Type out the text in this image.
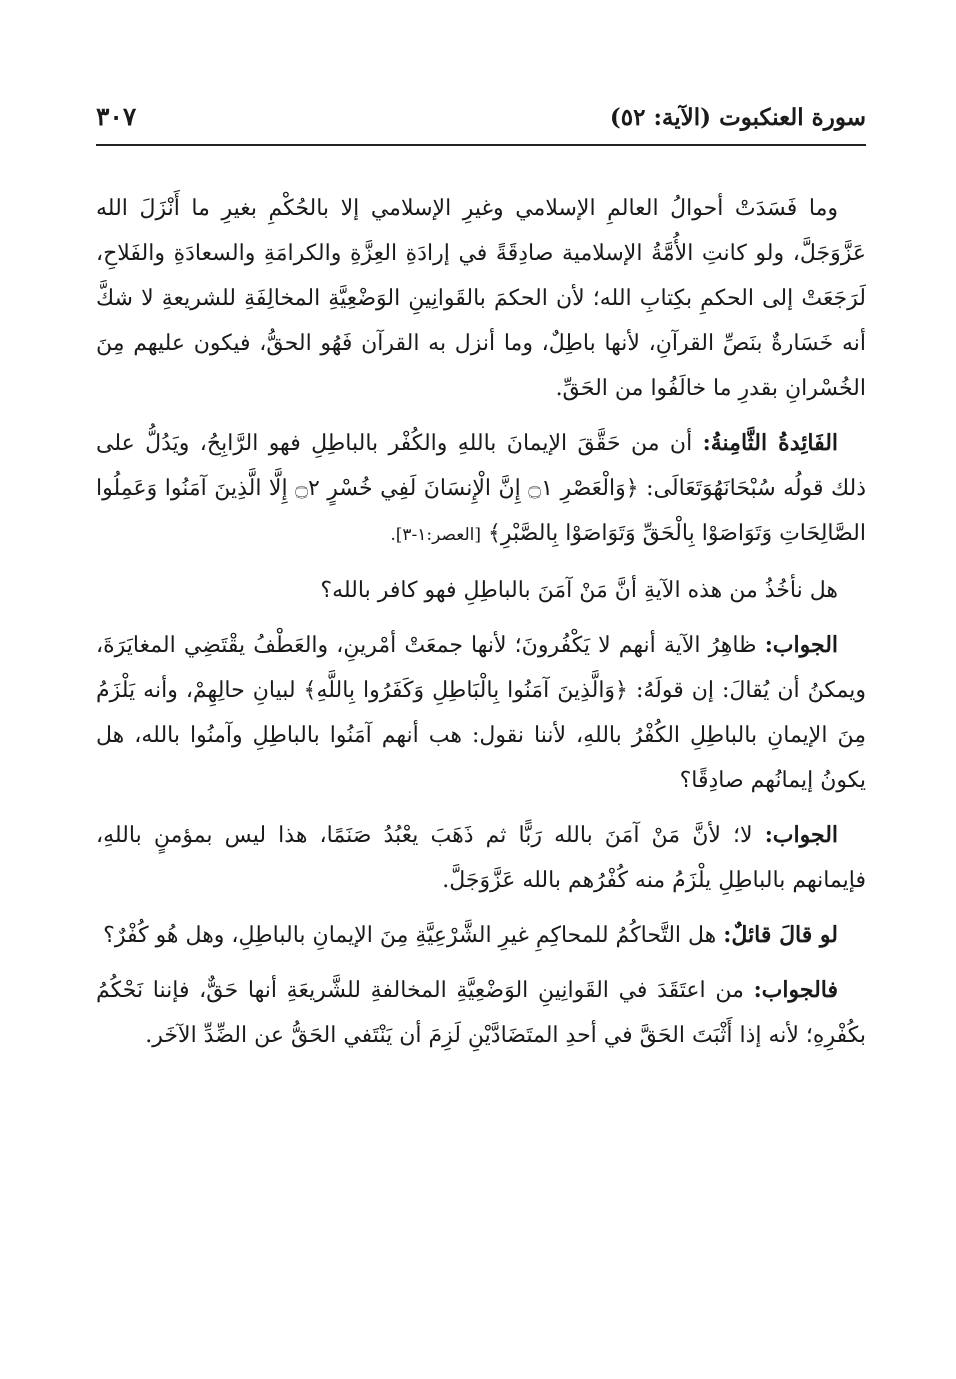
سورة العنكبوت (الآية: ٥٢)
٣٠٧

وما فَسَدَتْ أحوالُ العالمِ الإسلامي وغيرِ الإسلامي إلا بالحُكْمِ بغيرِ ما أَنْزَلَ الله عَزَّوَجَلَّ، ولو كانتِ الأُمَّةُ الإسلامية صادِقَةً في إرادَةِ العِزَّةِ والكرامَةِ والسعادَةِ والفَلاحِ، لَرَجَعَتْ إلى الحكمِ بكِتابِ الله؛ لأن الحكمَ بالقَوانِينِ الوَضْعِيَّةِ المخالِفَةِ للشريعةِ لا شكَّ أنه خَسَارةٌ بنَصِّ القرآنِ، لأنها باطِلٌ، وما أنزل به القرآن فَهُو الحقُّ، فيكون عليهم مِنَ الخُسْرانِ بقدرِ ما خالَفُوا من الحَقِّ.

الفَائِدةُ الثَّامِنةُ: أن من حَقَّقَ الإيمانَ باللهِ والكُفْر بالباطِلِ فهو الرَّابِحُ، ويَدُلُّ على ذلك قولُه سُبْحَانَهُوَتَعَالَى: ﴿وَالْعَصْرِ ۝١ إِنَّ الْإِنسَانَ لَفِي خُسْرٍ ۝٢ إِلَّا الَّذِينَ آمَنُوا وَعَمِلُوا الصَّالِحَاتِ وَتَوَاصَوْا بِالْحَقِّ وَتَوَاصَوْا بِالصَّبْرِ﴾ [العصر:١-٣].

هل نأخُذُ من هذه الآيةِ أنَّ مَنْ آمَنَ بالباطِلِ فهو كافر بالله؟

الجواب: ظاهِرُ الآية أنهم لا يَكْفُرونَ؛ لأنها جمعَتْ أمْرينِ، والعَطْفُ يقْتَضِي المغايَرَةَ، ويمكنُ أن يُقالَ: إن قولَهُ: ﴿وَالَّذِينَ آمَنُوا بِالْبَاطِلِ وَكَفَرُوا بِاللَّهِ﴾ لبيانِ حالِهِمْ، وأنه يَلْزَمُ مِنَ الإيمانِ بالباطِلِ الكُفْرُ باللهِ، لأننا نقول: هب أنهم آمَنُوا بالباطِلِ وآمنُوا بالله، هل يكونُ إيمانُهم صادِقًا؟

الجواب: لا؛ لأنَّ مَنْ آمَنَ بالله رَبًّا ثم ذَهَبَ يعْبُدُ صَنَمًا، هذا ليس بمؤمنٍ باللهِ، فإيمانهم بالباطِلِ يلْزَمُ منه كُفْرُهم بالله عَزَّوَجَلَّ.

لو قالَ قائلٌ: هل التَّحاكُمُ للمحاكِمِ غيرِ الشَّرْعِيَّةِ مِنَ الإيمانِ بالباطِلِ، وهل هُو كُفْرٌ؟

فالجواب: من اعتَقَدَ في القَوانِينِ الوَضْعِيَّةِ المخالفةِ للشَّريعَةِ أنها حَقٌّ، فإننا نَحْكُمُ بكُفْرِهِ؛ لأنه إذا أَثْبَتَ الحَقَّ في أحدِ المتَضَادَّيْنِ لَزِمَ أن يَنْتَفي الحَقُّ عن الضِّدِّ الآخَر.
